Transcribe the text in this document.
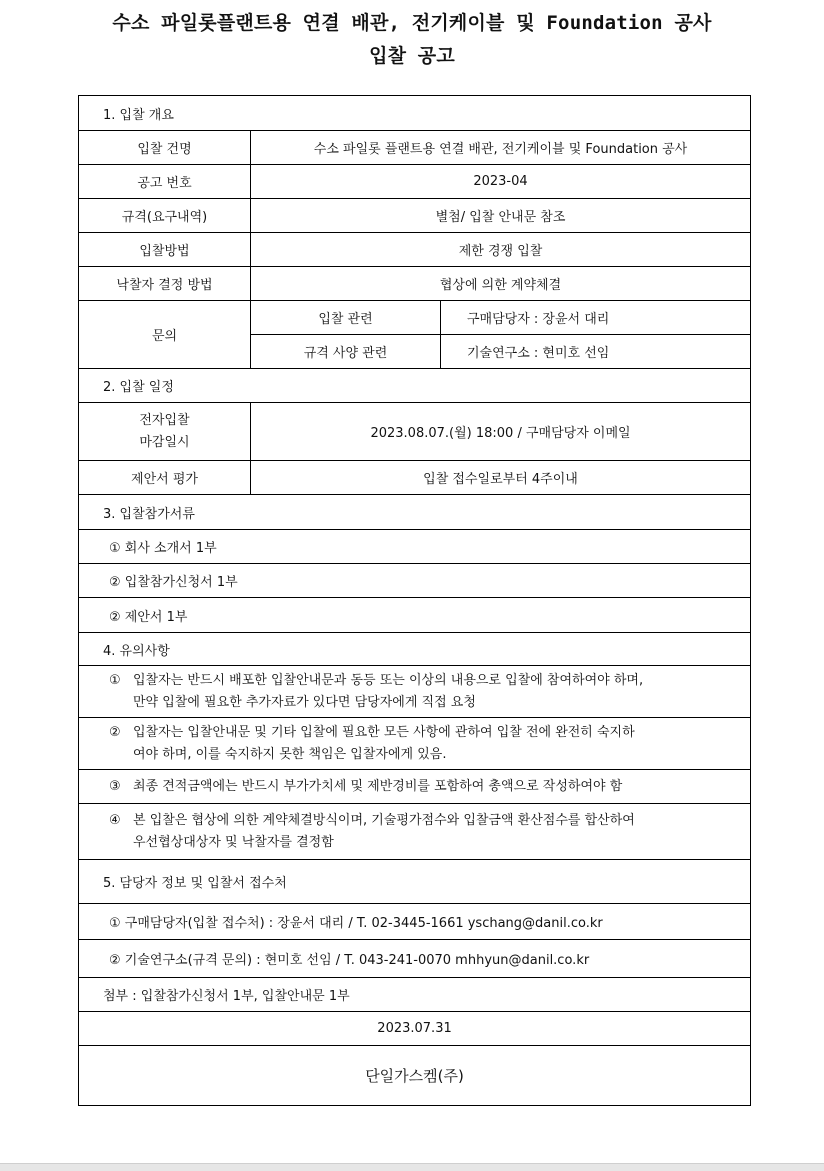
수소 파일롯플랜트용 연결 배관, 전기케이블 및 Foundation 공사
입찰 공고
1. 입찰 개요		
입찰 건명	수소 파일롯 플랜트용 연결 배관, 전기케이블 및 Foundation 공사	
공고 번호	2023-04	
규격(요구내역)	별첨/ 입찰 안내문 참조	
입찰방법	제한 경쟁 입찰	
낙찰자 결정 방법	협상에 의한 계약체결	
문의	입찰 관련	구매담당자 : 장윤서 대리
	규격 사양 관련	기술연구소 : 현미호 선임
2. 입찰 일정		

전자입찰
마감일시	2023.08.07.(월) 18:00 / 구매담당자 이메일	
제안서 평가	입찰 접수일로부터 4주이내	
3. 입찰참가서류		
① 회사 소개서 1부		
② 입찰참가신청서 1부		
② 제안서 1부		
4. 유의사항		

① 입찰자는 반드시 배포한 입찰안내문과 동등 또는 이상의 내용으로 입찰에 참여하여야 하며,
만약 입찰에 필요한 추가자료가 있다면 담당자에게 직접 요청		

② 입찰자는 입찰안내문 및 기타 입찰에 필요한 모든 사항에 관하여 입찰 전에 완전히 숙지하
여야 하며, 이를 숙지하지 못한 책임은 입찰자에게 있음.		

③ 최종 견적금액에는 반드시 부가가치세 및 제반경비를 포함하여 총액으로 작성하여야 함		

④ 본 입찰은 협상에 의한 계약체결방식이며, 기술평가점수와 입찰금액 환산점수를 합산하여
우선협상대상자 및 낙찰자를 결정함		

5. 담당자 정보 및 입찰서 접수처		
① 구매담당자(입찰 접수처) : 장윤서 대리 / T. 02-3445-1661 yschang@danil.co.kr		
② 기술연구소(규격 문의) : 현미호 선임 / T. 043-241-0070 mhhyun@danil.co.kr		
첨부 : 입찰참가신청서 1부, 입찰안내문 1부		
2023.07.31		
단일가스켐(주)		
